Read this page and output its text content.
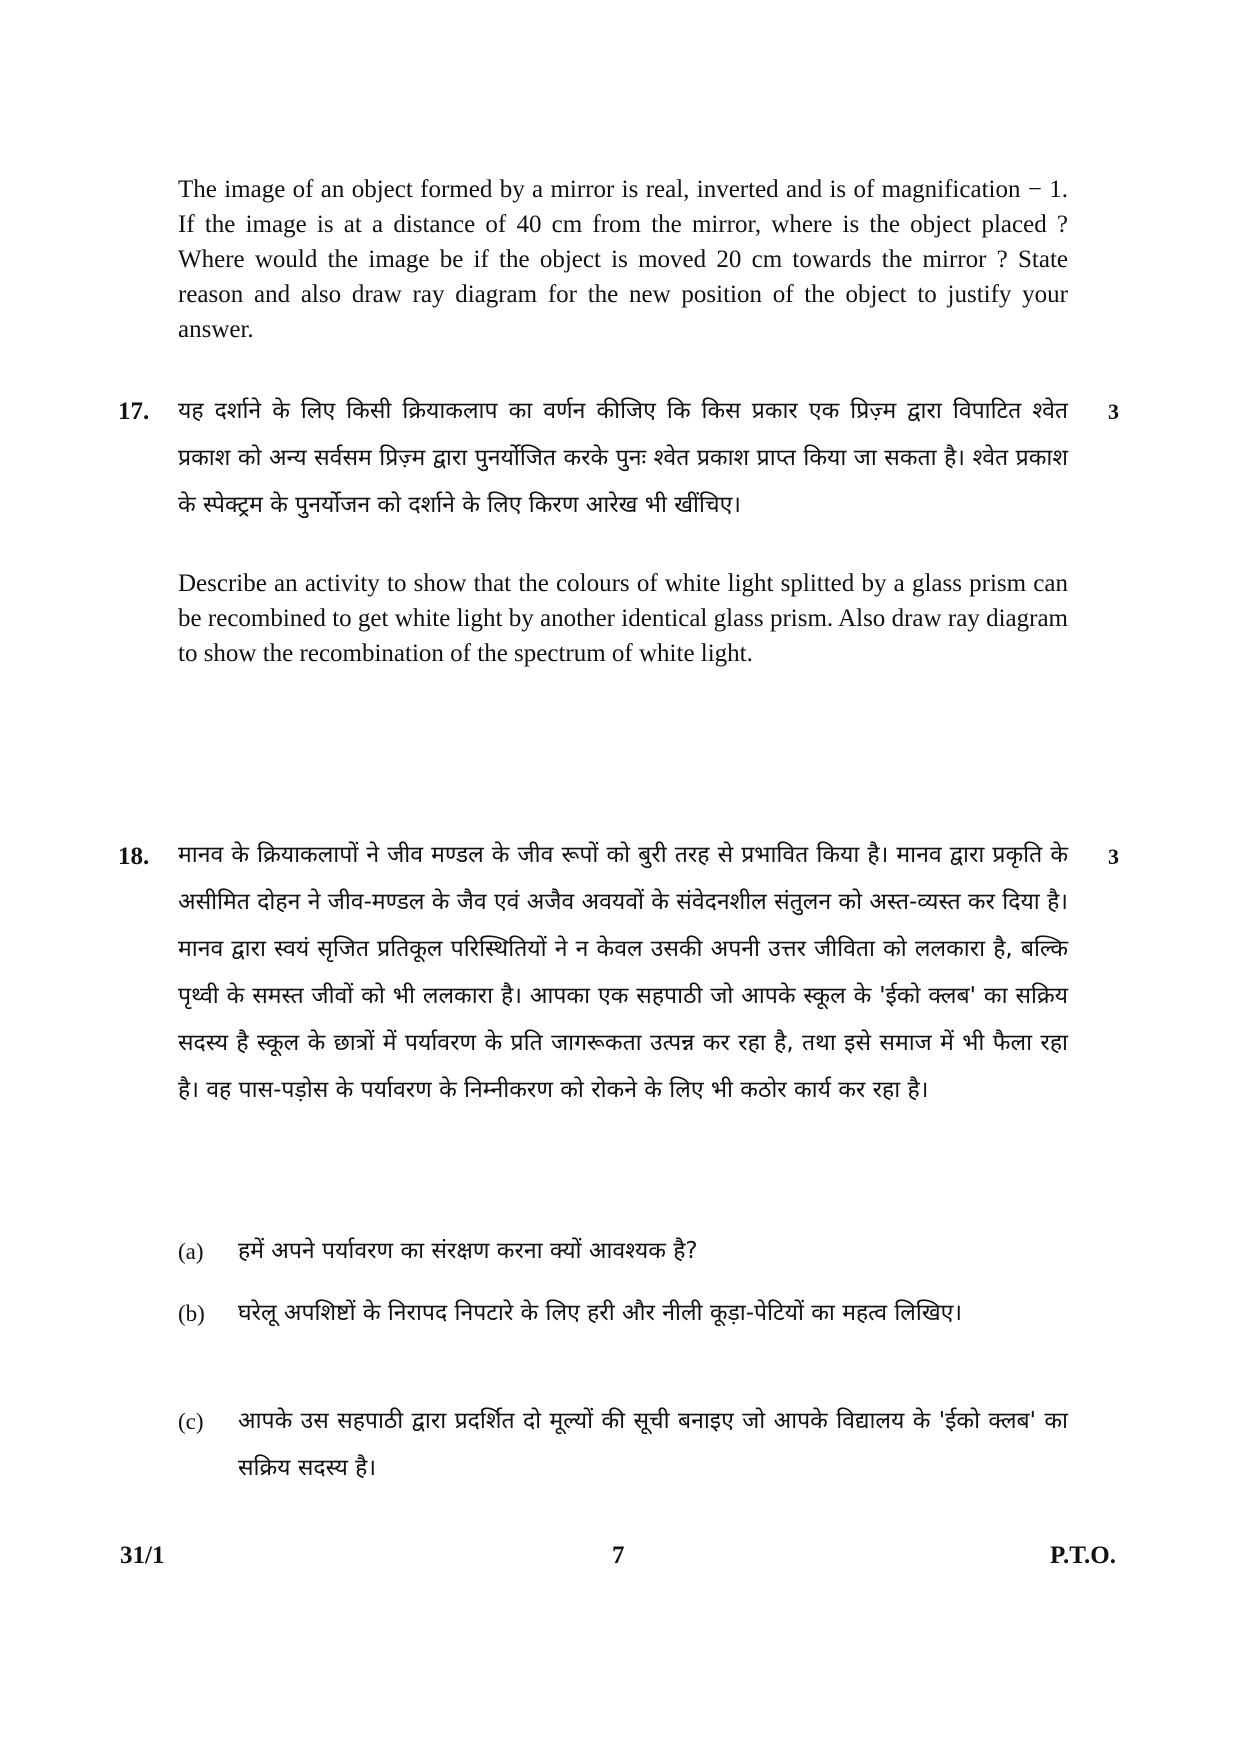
The image of an object formed by a mirror is real, inverted and is of magnification − 1. If the image is at a distance of 40 cm from the mirror, where is the object placed ? Where would the image be if the object is moved 20 cm towards the mirror ? State reason and also draw ray diagram for the new position of the object to justify your answer.

17.	3

यह दर्शाने के लिए किसी क्रियाकलाप का वर्णन कीजिए कि किस प्रकार एक प्रिज़्म द्वारा विपाटित श्वेत प्रकाश को अन्य सर्वसम प्रिज़्म द्वारा पुनर्योजित करके पुनः श्वेत प्रकाश प्राप्त किया जा सकता है। श्वेत प्रकाश के स्पेक्ट्रम के पुनर्योजन को दर्शाने के लिए किरण आरेख भी खींचिए।

Describe an activity to show that the colours of white light splitted by a glass prism can be recombined to get white light by another identical glass prism. Also draw ray diagram to show the recombination of the spectrum of white light.

18.	3

मानव के क्रियाकलापों ने जीव मण्डल के जीव रूपों को बुरी तरह से प्रभावित किया है। मानव द्वारा प्रकृति के असीमित दोहन ने जीव-मण्डल के जैव एवं अजैव अवयवों के संवेदनशील संतुलन को अस्त-व्यस्त कर दिया है। मानव द्वारा स्वयं सृजित प्रतिकूल परिस्थितियों ने न केवल उसकी अपनी उत्तर जीविता को ललकारा है, बल्कि पृथ्वी के समस्त जीवों को भी ललकारा है। आपका एक सहपाठी जो आपके स्कूल के 'ईको क्लब' का सक्रिय सदस्य है स्कूल के छात्रों में पर्यावरण के प्रति जागरूकता उत्पन्न कर रहा है, तथा इसे समाज में भी फैला रहा है। वह पास-पड़ोस के पर्यावरण के निम्नीकरण को रोकने के लिए भी कठोर कार्य कर रहा है।

(a) हमें अपने पर्यावरण का संरक्षण करना क्यों आवश्यक है?
(b) घरेलू अपशिष्टों के निरापद निपटारे के लिए हरी और नीली कूड़ा-पेटियों का महत्व लिखिए।
(c) आपके उस सहपाठी द्वारा प्रदर्शित दो मूल्यों की सूची बनाइए जो आपके विद्यालय के 'ईको क्लब' का सक्रिय सदस्य है।
31/1	7	P.T.O.
